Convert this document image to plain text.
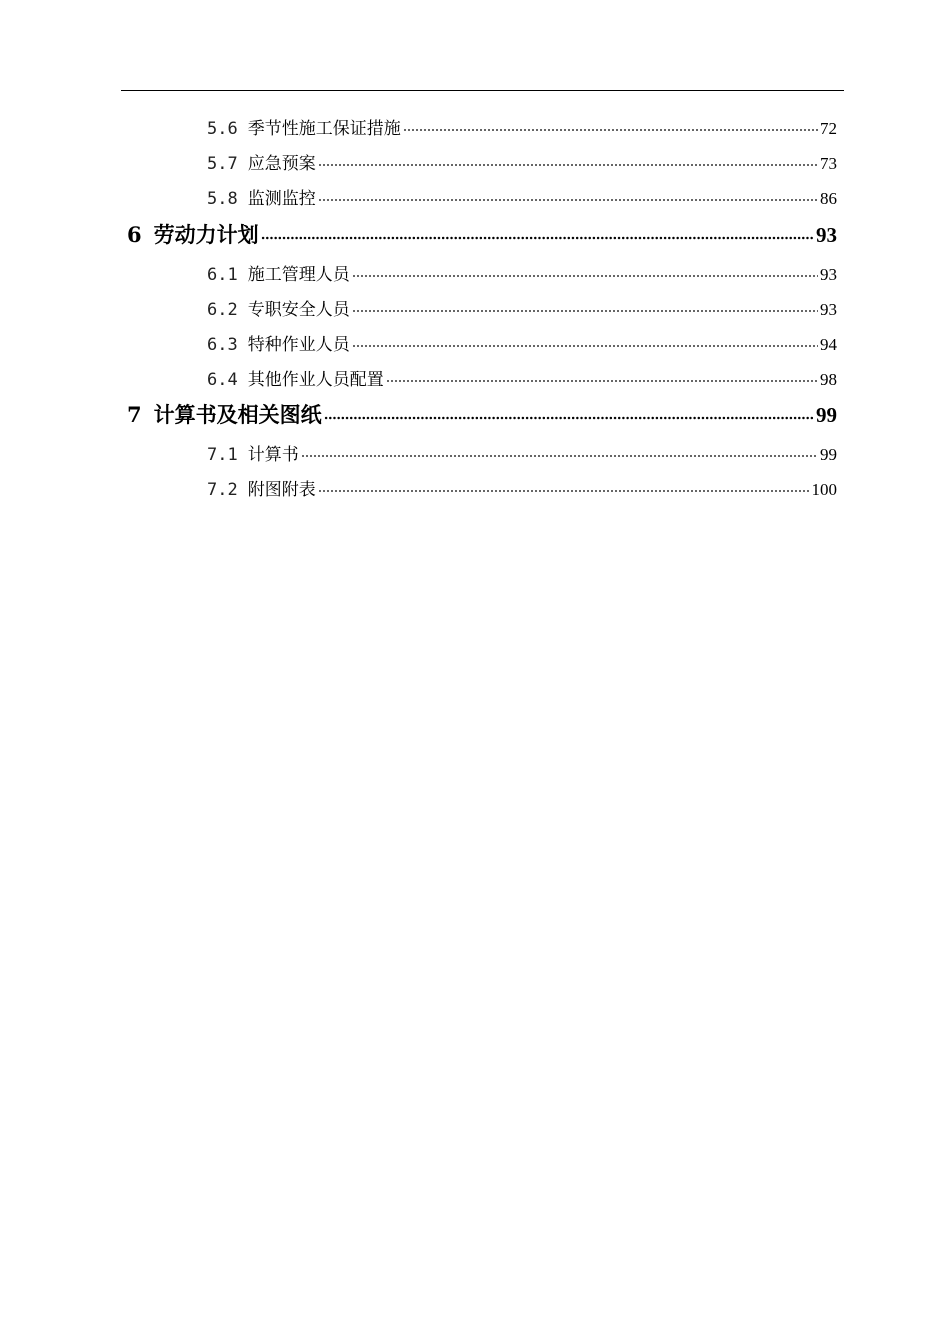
5.6 季节性施工保证措施	72
5.7 应急预案	73
5.8 监测监控	86
6 劳动力计划	93
6.1 施工管理人员	93
6.2 专职安全人员	93
6.3 特种作业人员	94
6.4 其他作业人员配置	98
7 计算书及相关图纸	99
7.1 计算书	99
7.2 附图附表	100
